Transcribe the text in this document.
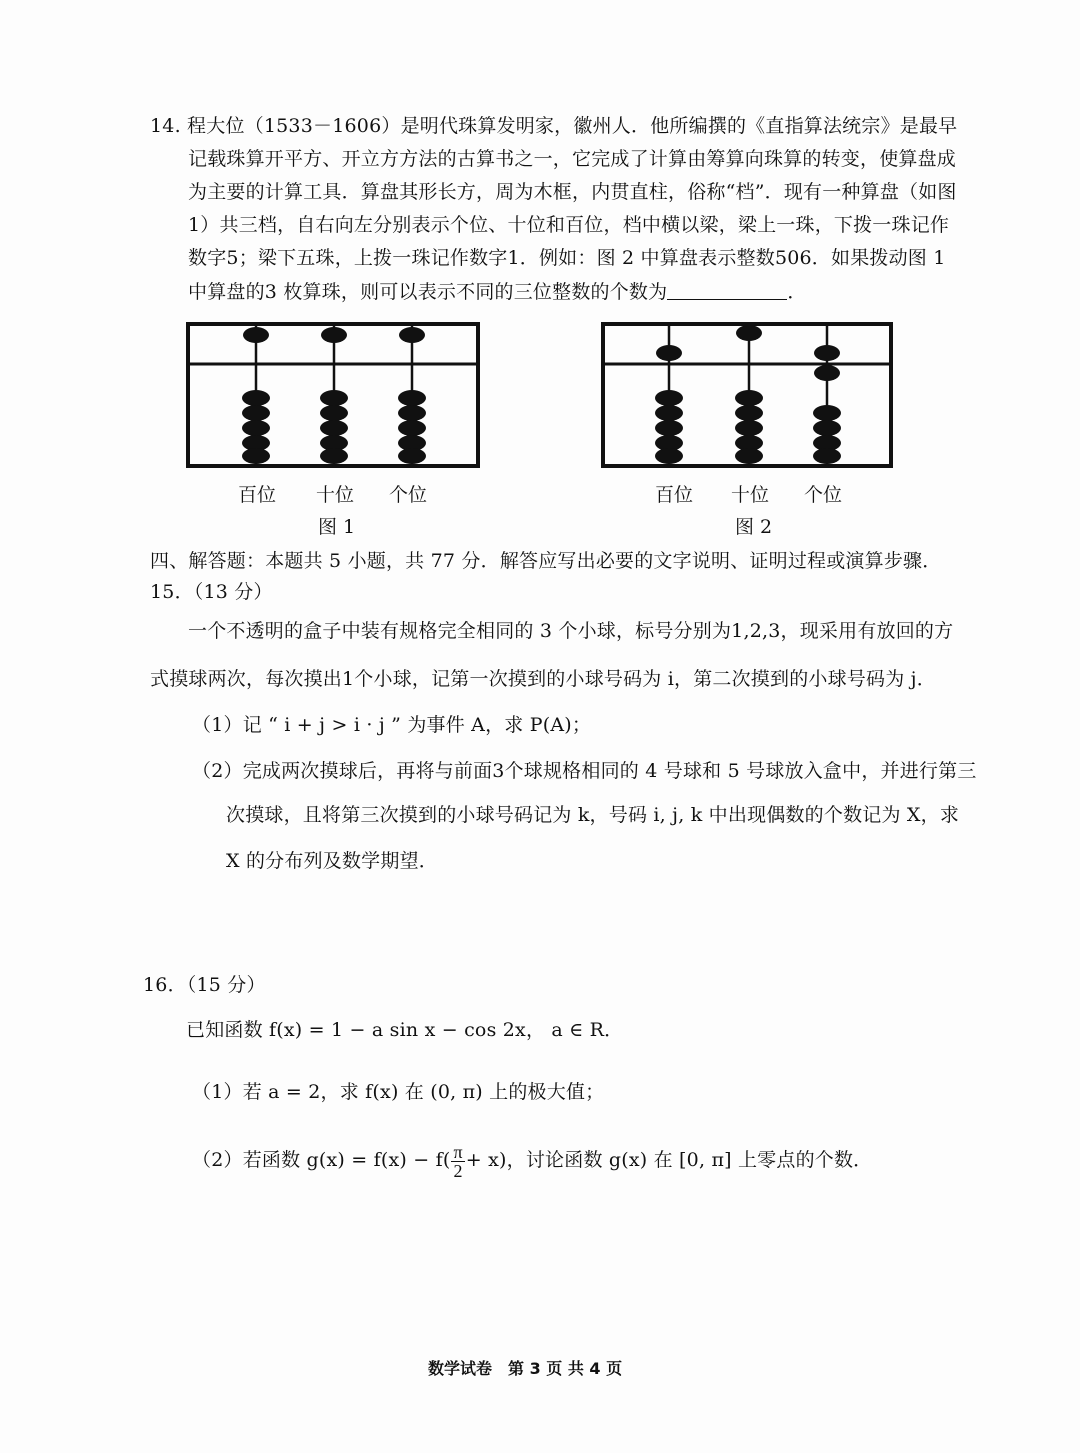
14. 程大位（1533－1606）是明代珠算发明家，徽州人．他所编撰的《直指算法统宗》是最早
记载珠算开平方、开立方方法的古算书之一，它完成了计算由筹算向珠算的转变，使算盘成
为主要的计算工具．算盘其形长方，周为木框，内贯直柱，俗称“档”．现有一种算盘（如图
1）共三档，自右向左分别表示个位、十位和百位，档中横以梁，梁上一珠，下拨一珠记作
数字5；梁下五珠，上拨一珠记作数字1．例如：图 2 中算盘表示整数506．如果拨动图 1
中算盘的3 枚算珠，则可以表示不同的三位整数的个数为	．
百位 十位 个位
图 1
百位 十位 个位
图 2
四、解答题：本题共 5 小题，共 77 分．解答应写出必要的文字说明、证明过程或演算步骤．
15．（13 分）
一个不透明的盒子中装有规格完全相同的 3 个小球，标号分别为1,2,3，现采用有放回的方
式摸球两次，每次摸出1个小球，记第一次摸到的小球号码为 i，第二次摸到的小球号码为 j．
（1）记 “ i + j > i · j ” 为事件 A，求 P(A)；
（2）完成两次摸球后，再将与前面3个球规格相同的 4 号球和 5 号球放入盒中，并进行第三
次摸球，且将第三次摸到的小球号码记为 k，号码 i, j, k 中出现偶数的个数记为 X，求
X 的分布列及数学期望．
16．（15 分）
已知函数 f(x) = 1 − a sin x − cos 2x， a ∈ R．
（1）若 a = 2，求 f(x) 在 (0, π) 上的极大值；
（2）若函数 $g(x) = f(x) - f( \frac{\pi}{2} + x)$，讨论函数 g(x) 在 [0, π] 上零点的个数．
数学试卷　第 3 页 共 4 页
